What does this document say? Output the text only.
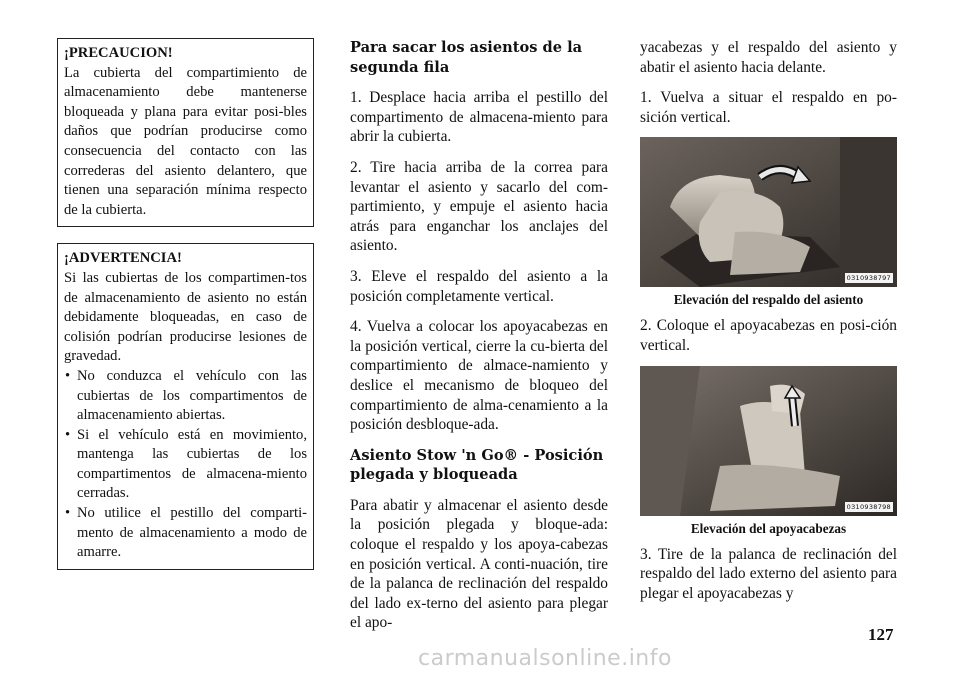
¡PRECAUCION!
La cubierta del compartimiento de almacenamiento debe mantenerse bloqueada y plana para evitar posi-bles daños que podrían producirse como consecuencia del contacto con las correderas del asiento delantero, que tienen una separación mínima respecto de la cubierta.
¡ADVERTENCIA!
Si las cubiertas de los compartimen-tos de almacenamiento de asiento no están debidamente bloqueadas, en caso de colisión podrían producirse lesiones de gravedad.
• No conduzca el vehículo con las cubiertas de los compartimentos de almacenamiento abiertas.
• Si el vehículo está en movimiento, mantenga las cubiertas de los compartimentos de almacena-miento cerradas.
• No utilice el pestillo del comparti-mento de almacenamiento a modo de amarre.
Para sacar los asientos de la segunda fila

1. Desplace hacia arriba el pestillo del compartimento de almacena-miento para abrir la cubierta.

2. Tire hacia arriba de la correa para levantar el asiento y sacarlo del com-partimiento, y empuje el asiento hacia atrás para enganchar los anclajes del asiento.

3. Eleve el respaldo del asiento a la posición completamente vertical.

4. Vuelva a colocar los apoyacabezas en la posición vertical, cierre la cu-bierta del compartimiento de almace-namiento y deslice el mecanismo de bloqueo del compartimiento de alma-cenamiento a la posición desbloque-ada.

Asiento Stow 'n Go® - Posición plegada y bloqueada

Para abatir y almacenar el asiento desde la posición plegada y bloque-ada: coloque el respaldo y los apoya-cabezas en posición vertical. A conti-nuación, tire de la palanca de reclinación del respaldo del lado ex-terno del asiento para plegar el apo-

yacabezas y el respaldo del asiento y abatir el asiento hacia delante.

1. Vuelva a situar el respaldo en po-sición vertical.

0310938797
Elevación del respaldo del asiento

2. Coloque el apoyacabezas en posi-ción vertical.

0310938798
Elevación del apoyacabezas

3. Tire de la palanca de reclinación del respaldo del lado externo del asiento para plegar el apoyacabezas y

127
carmanualsonline.info
